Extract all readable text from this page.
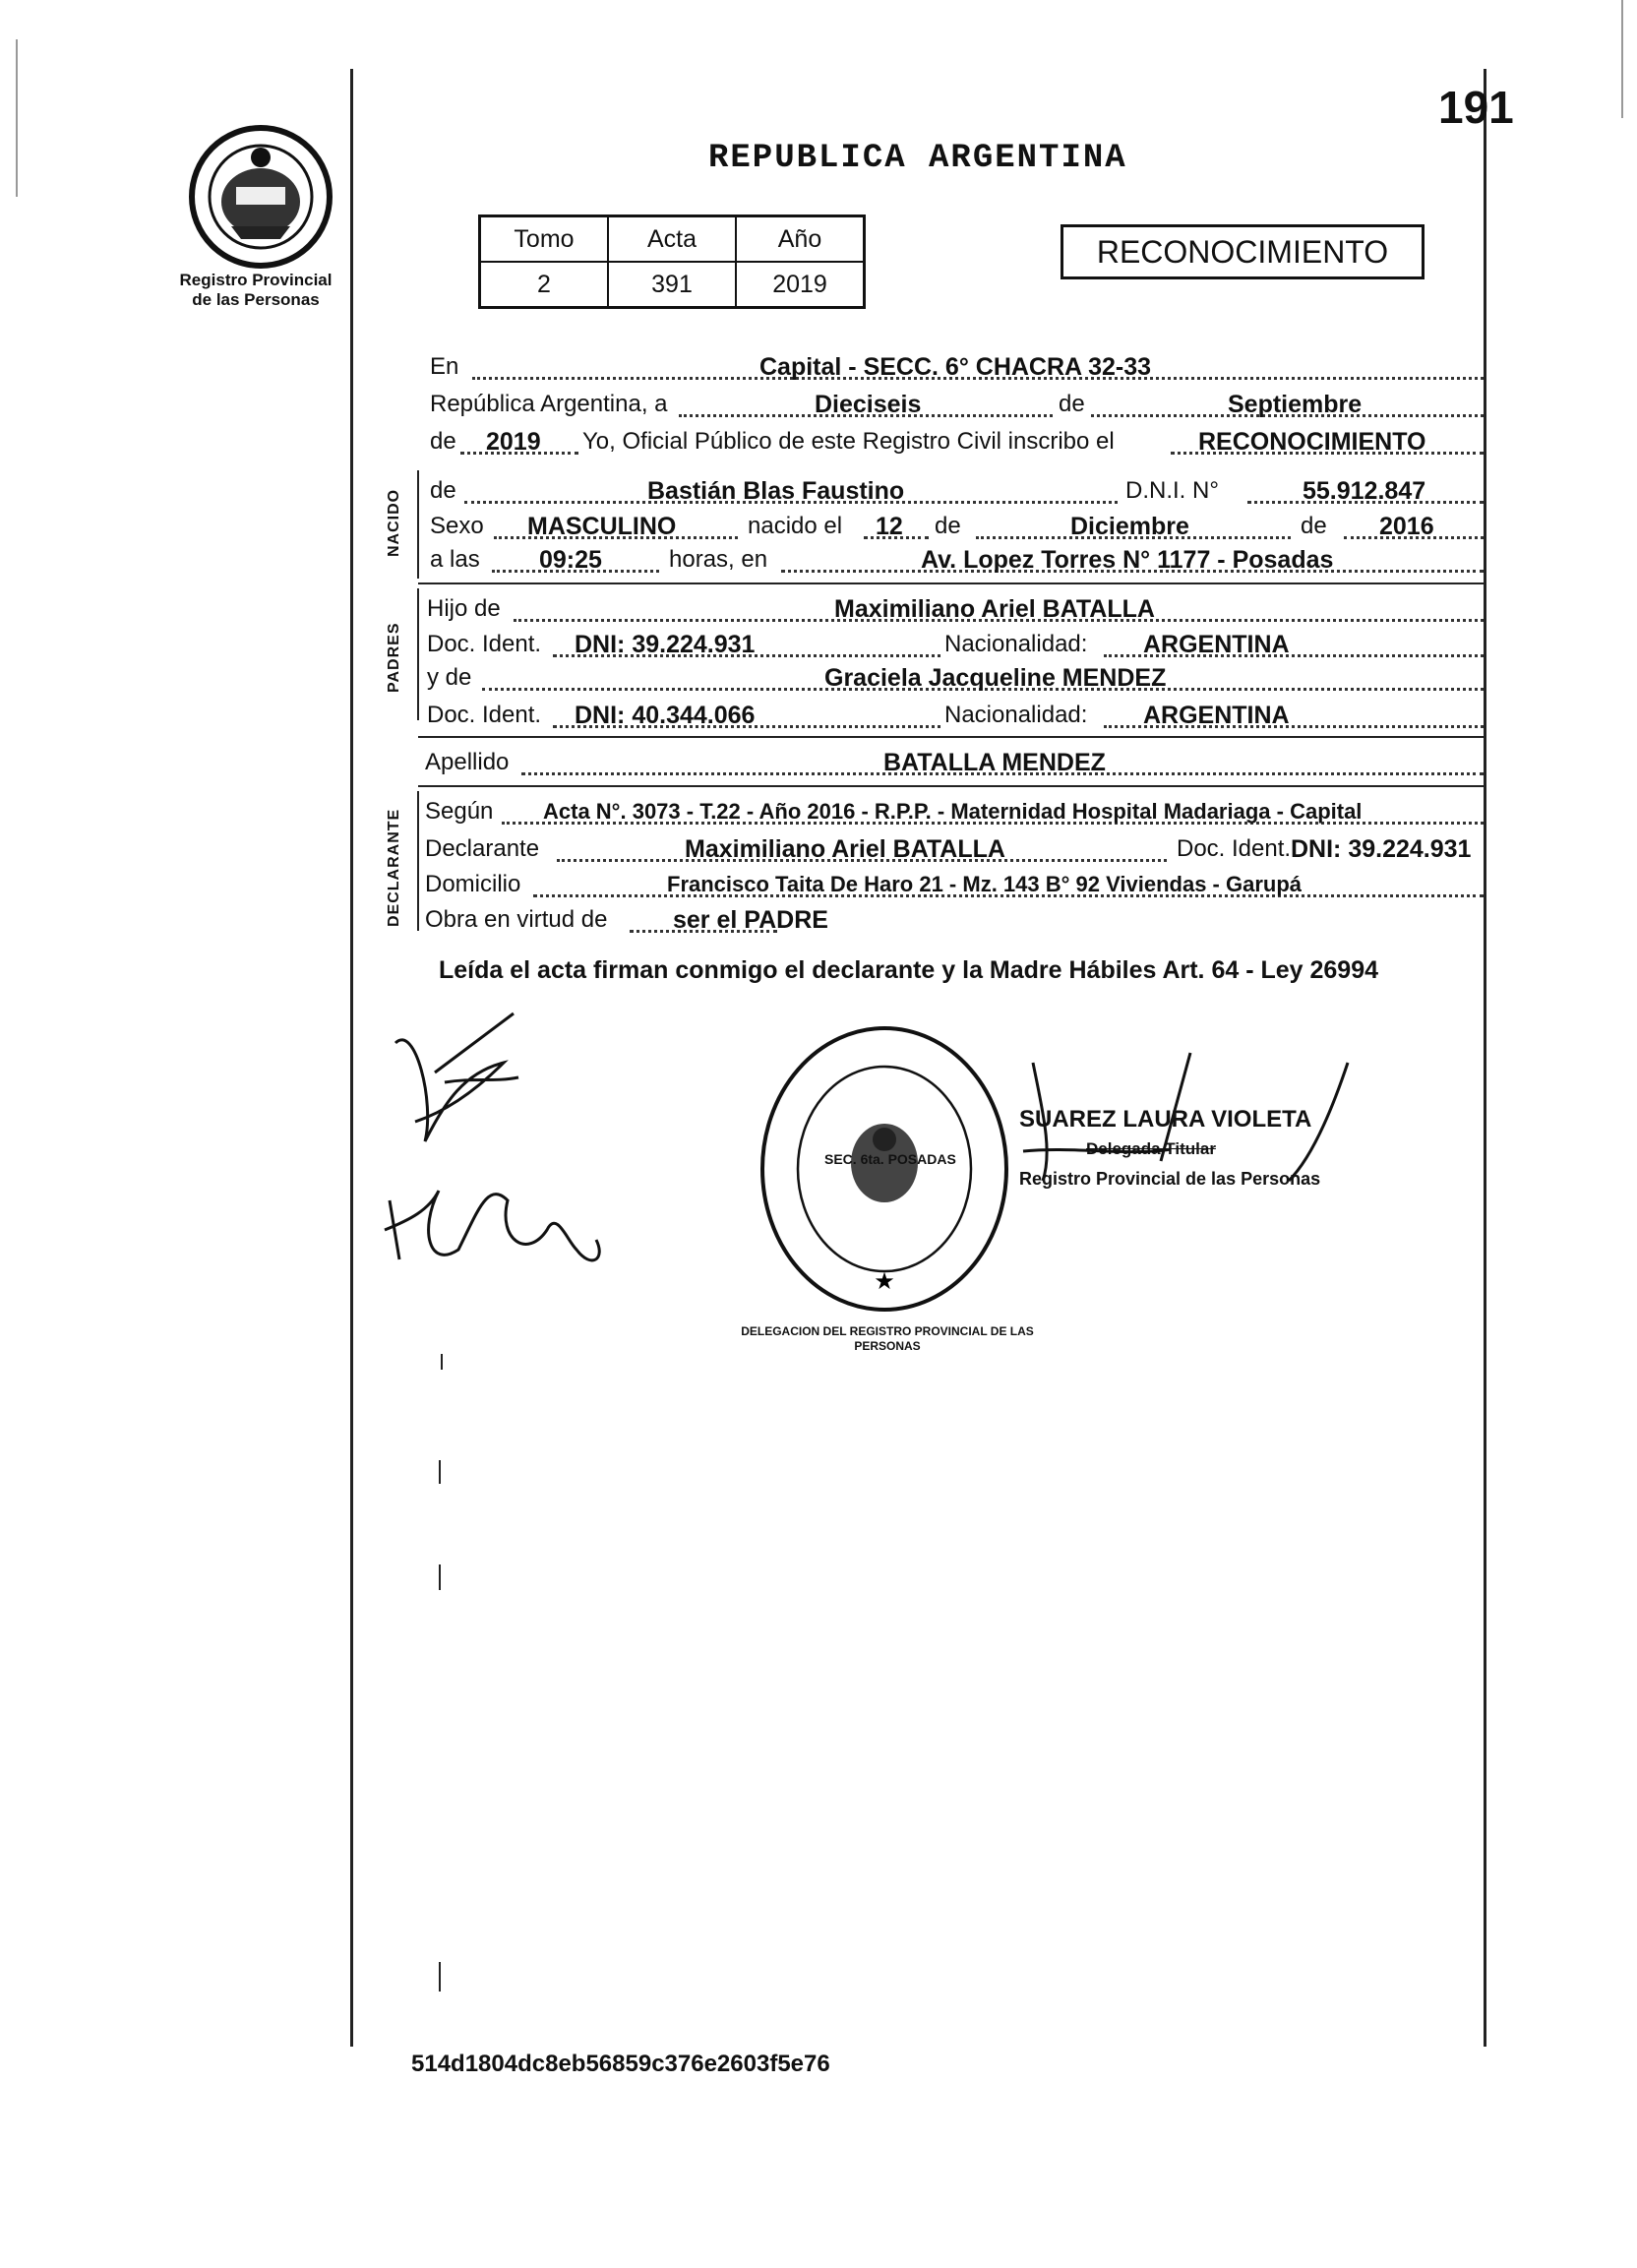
191
Registro Provincial
de las Personas
REPUBLICA ARGENTINA
Tomo	Acta	Año
2	391	2019
RECONOCIMIENTO
En	Capital - SECC. 6° CHACRA 32-33
República Argentina, a	Dieciseis	de	Septiembre
de 2019 Yo, Oficial Público de este Registro Civil inscribo el	RECONOCIMIENTO
NACIDO de	Bastián Blas Faustino	D.N.I. N°	55.912.847
Sexo MASCULINO	nacido el 12 de	Diciembre	de 2016
a las 09:25	horas, en	Av. Lopez Torres N° 1177 - Posadas
PADRES
Hijo de	Maximiliano Ariel BATALLA
Doc. Ident. DNI: 39.224.931	Nacionalidad: ARGENTINA
y de	Graciela Jacqueline MENDEZ
Doc. Ident. DNI: 40.344.066	Nacionalidad: ARGENTINA
Apellido	BATALLA MENDEZ
DECLARANTE Según Acta N°. 3073 - T.22 - Año 2016 - R.P.P. - Maternidad Hospital Madariaga - Capital
Declarante	Maximiliano Ariel BATALLA	Doc. Ident. DNI: 39.224.931
Domicilio	Francisco Taita De Haro 21 - Mz. 143 B° 92 Viviendas - Garupá
Obra en virtud de	ser el PADRE
Leída el acta firman conmigo el declarante y la Madre Hábiles Art. 64 - Ley 26994
★
DELEGACION DEL REGISTRO PROVINCIAL DE LAS PERSONAS
SEC. 6ta. POSADAS
SUAREZ LAURA VIOLETA
Delegada Titular
Registro Provincial de las Personas
514d1804dc8eb56859c376e2603f5e76
